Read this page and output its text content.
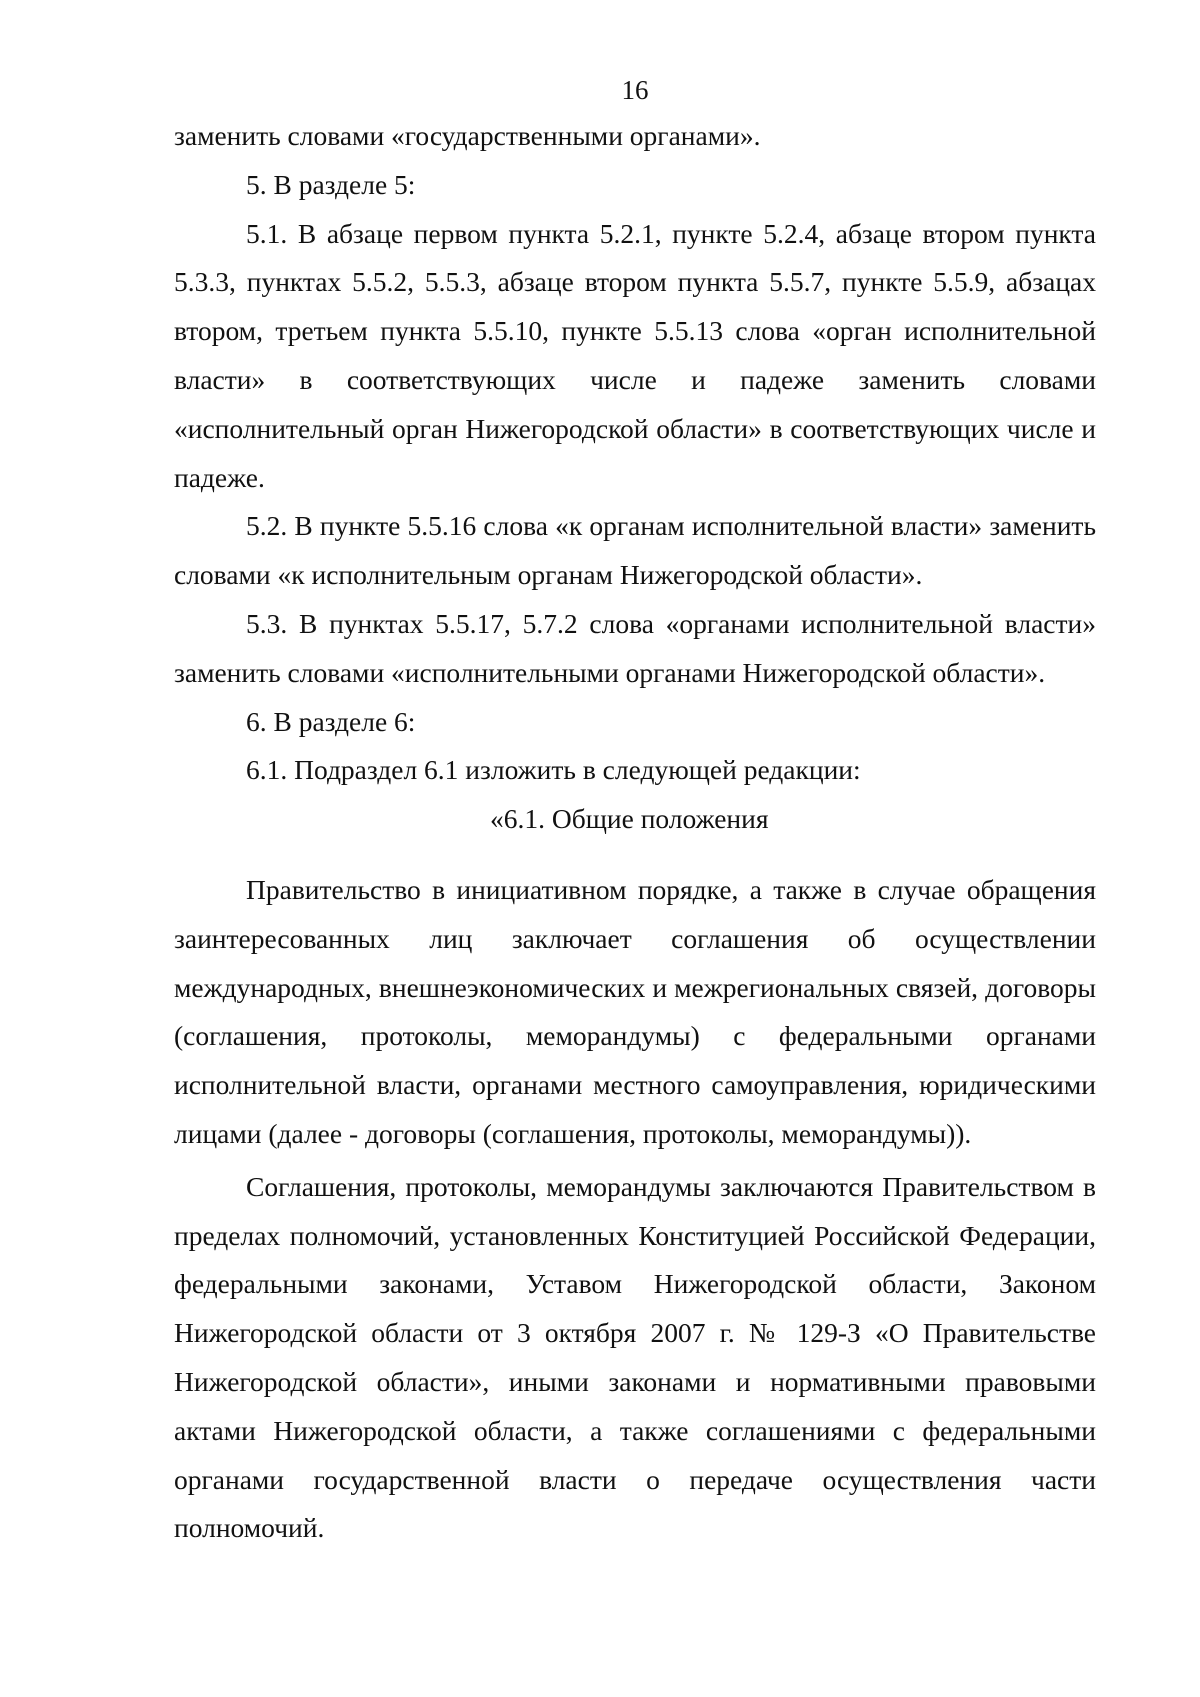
16

заменить словами «государственными органами».

5. В разделе 5:

5.1. В абзаце первом пункта 5.2.1, пункте 5.2.4, абзаце втором пункта 5.3.3, пунктах 5.5.2, 5.5.3, абзаце втором пункта 5.5.7, пункте 5.5.9, абзацах втором, третьем пункта 5.5.10, пункте 5.5.13 слова «орган исполнительной власти» в соответствующих числе и падеже заменить словами «исполнительный орган Нижегородской области» в соответствующих числе и падеже.

5.2. В пункте 5.5.16 слова «к органам исполнительной власти» заменить словами «к исполнительным органам Нижегородской области».

5.3. В пунктах 5.5.17, 5.7.2 слова «органами исполнительной власти» заменить словами «исполнительными органами Нижегородской области».

6. В разделе 6:

6.1. Подраздел 6.1 изложить в следующей редакции:

«6.1. Общие положения

Правительство в инициативном порядке, а также в случае обращения заинтересованных лиц заключает соглашения об осуществлении международных, внешнеэкономических и межрегиональных связей, договоры (соглашения, протоколы, меморандумы) с федеральными органами исполнительной власти, органами местного самоуправления, юридическими лицами (далее - договоры (соглашения, протоколы, меморандумы)).

Соглашения, протоколы, меморандумы заключаются Правительством в пределах полномочий, установленных Конституцией Российской Федерации, федеральными законами, Уставом Нижегородской области, Законом Нижегородской области от 3 октября 2007 г. № 129-З «О Правительстве Нижегородской области», иными законами и нормативными правовыми актами Нижегородской области, а также соглашениями с федеральными органами государственной власти о передаче осуществления части полномочий.
